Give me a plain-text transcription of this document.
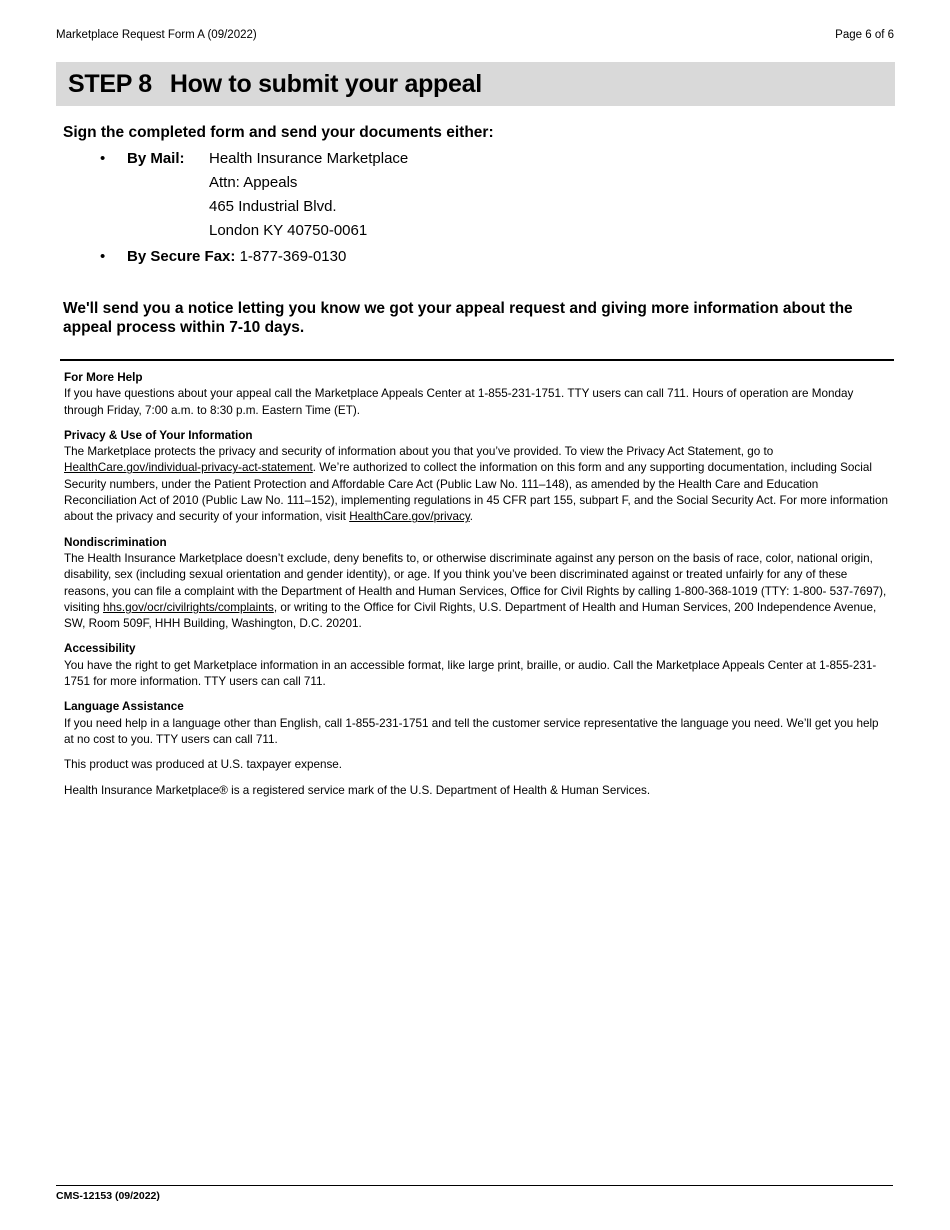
Marketplace Request Form A (09/2022)	Page 6 of 6
STEP 8 How to submit your appeal
Sign the completed form and send your documents either:
• By Mail: Health Insurance Marketplace
Attn: Appeals
465 Industrial Blvd.
London KY 40750-0061
• By Secure Fax: 1-877-369-0130
We'll send you a notice letting you know we got your appeal request and giving more information about the appeal process within 7-10 days.
For More Help

If you have questions about your appeal call the Marketplace Appeals Center at 1-855-231-1751. TTY users can call 711. Hours of operation are Monday through Friday, 7:00 a.m. to 8:30 p.m. Eastern Time (ET).

Privacy & Use of Your Information

The Marketplace protects the privacy and security of information about you that you’ve provided. To view the Privacy Act Statement, go to HealthCare.gov/individual-privacy-act-statement. We’re authorized to collect the information on this form and any supporting documentation, including Social Security numbers, under the Patient Protection and Affordable Care Act (Public Law No. 111–148), as amended by the Health Care and Education Reconciliation Act of 2010 (Public Law No. 111–152), implementing regulations in 45 CFR part 155, subpart F, and the Social Security Act. For more information about the privacy and security of your information, visit HealthCare.gov/privacy.

Nondiscrimination

The Health Insurance Marketplace doesn’t exclude, deny benefits to, or otherwise discriminate against any person on the basis of race, color, national origin, disability, sex (including sexual orientation and gender identity), or age. If you think you’ve been discriminated against or treated unfairly for any of these reasons, you can file a complaint with the Department of Health and Human Services, Office for Civil Rights by calling 1-800-368-1019 (TTY: 1-800- 537-7697), visiting hhs.gov/ocr/civilrights/complaints, or writing to the Office for Civil Rights, U.S. Department of Health and Human Services, 200 Independence Avenue, SW, Room 509F, HHH Building, Washington, D.C. 20201.

Accessibility

You have the right to get Marketplace information in an accessible format, like large print, braille, or audio. Call the Marketplace Appeals Center at 1-855-231-1751 for more information. TTY users can call 711.

Language Assistance

If you need help in a language other than English, call 1-855-231-1751 and tell the customer service representative the language you need. We’ll get you help at no cost to you. TTY users can call 711.

This product was produced at U.S. taxpayer expense.

Health Insurance Marketplace® is a registered service mark of the U.S. Department of Health & Human Services.

CMS-12153 (09/2022)
